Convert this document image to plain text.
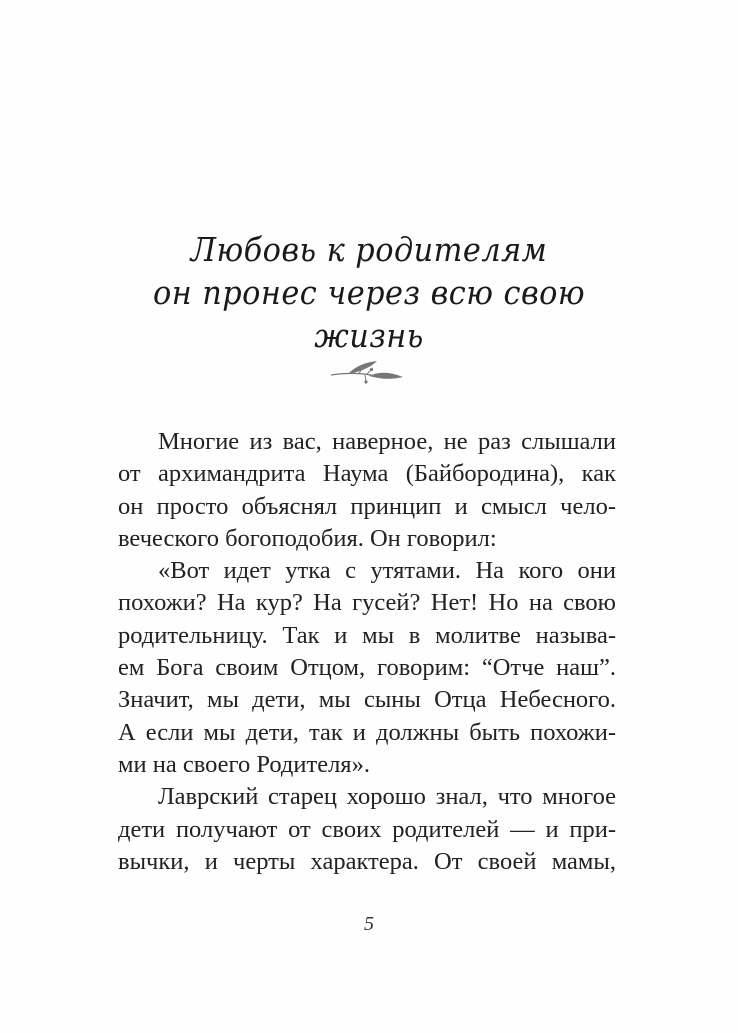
Любовь к родителям
он пронес через всю свою
жизнь
Многие из вас, наверное, не раз слышали
от архимандрита Наума (Байбородина), как
он просто объяснял принцип и смысл чело-
веческого богоподобия. Он говорил:
«Вот идет утка с утятами. На кого они
похожи? На кур? На гусей? Нет! Но на свою
родительницу. Так и мы в молитве называ-
ем Бога своим Отцом, говорим: “Отче наш”.
Значит, мы дети, мы сыны Отца Небесного.
А если мы дети, так и должны быть похожи-
ми на своего Родителя».
Лаврский старец хорошо знал, что многое
дети получают от своих родителей — и при-
вычки, и черты характера. От своей мамы,
5
